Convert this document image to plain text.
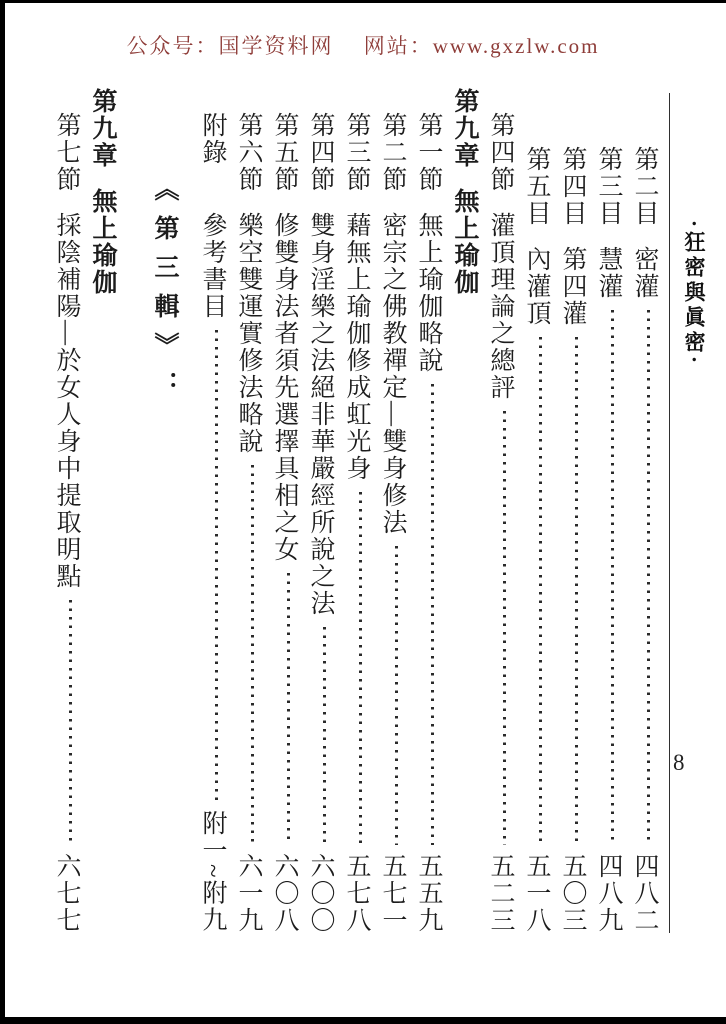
公众号：国学资料网　 网站：www.gxzlw.com
·狂密與眞密·
8
第二目
密灌
四八二
第三目
慧灌
四八九
第四目
第四灌
五〇三
第五目
內灌頂
五一八
第四節
灌頂理論之總評
五二三
第九章
無上瑜伽
第一節
無上瑜伽略說
五五九
第二節
密宗之佛教禪定—雙身修法
五七一
第三節
藉無上瑜伽修成虹光身
五七八
第四節
雙身淫樂之法絕非華嚴經所說之法
六〇〇
第五節
修雙身法者須先選擇具相之女
六〇八
第六節
樂空雙運實修法略說
六一九
附錄
參考書目
附一~附九
《第三輯》：
第九章
無上瑜伽
第七節
採陰補陽—於女人身中提取明點
六七七
